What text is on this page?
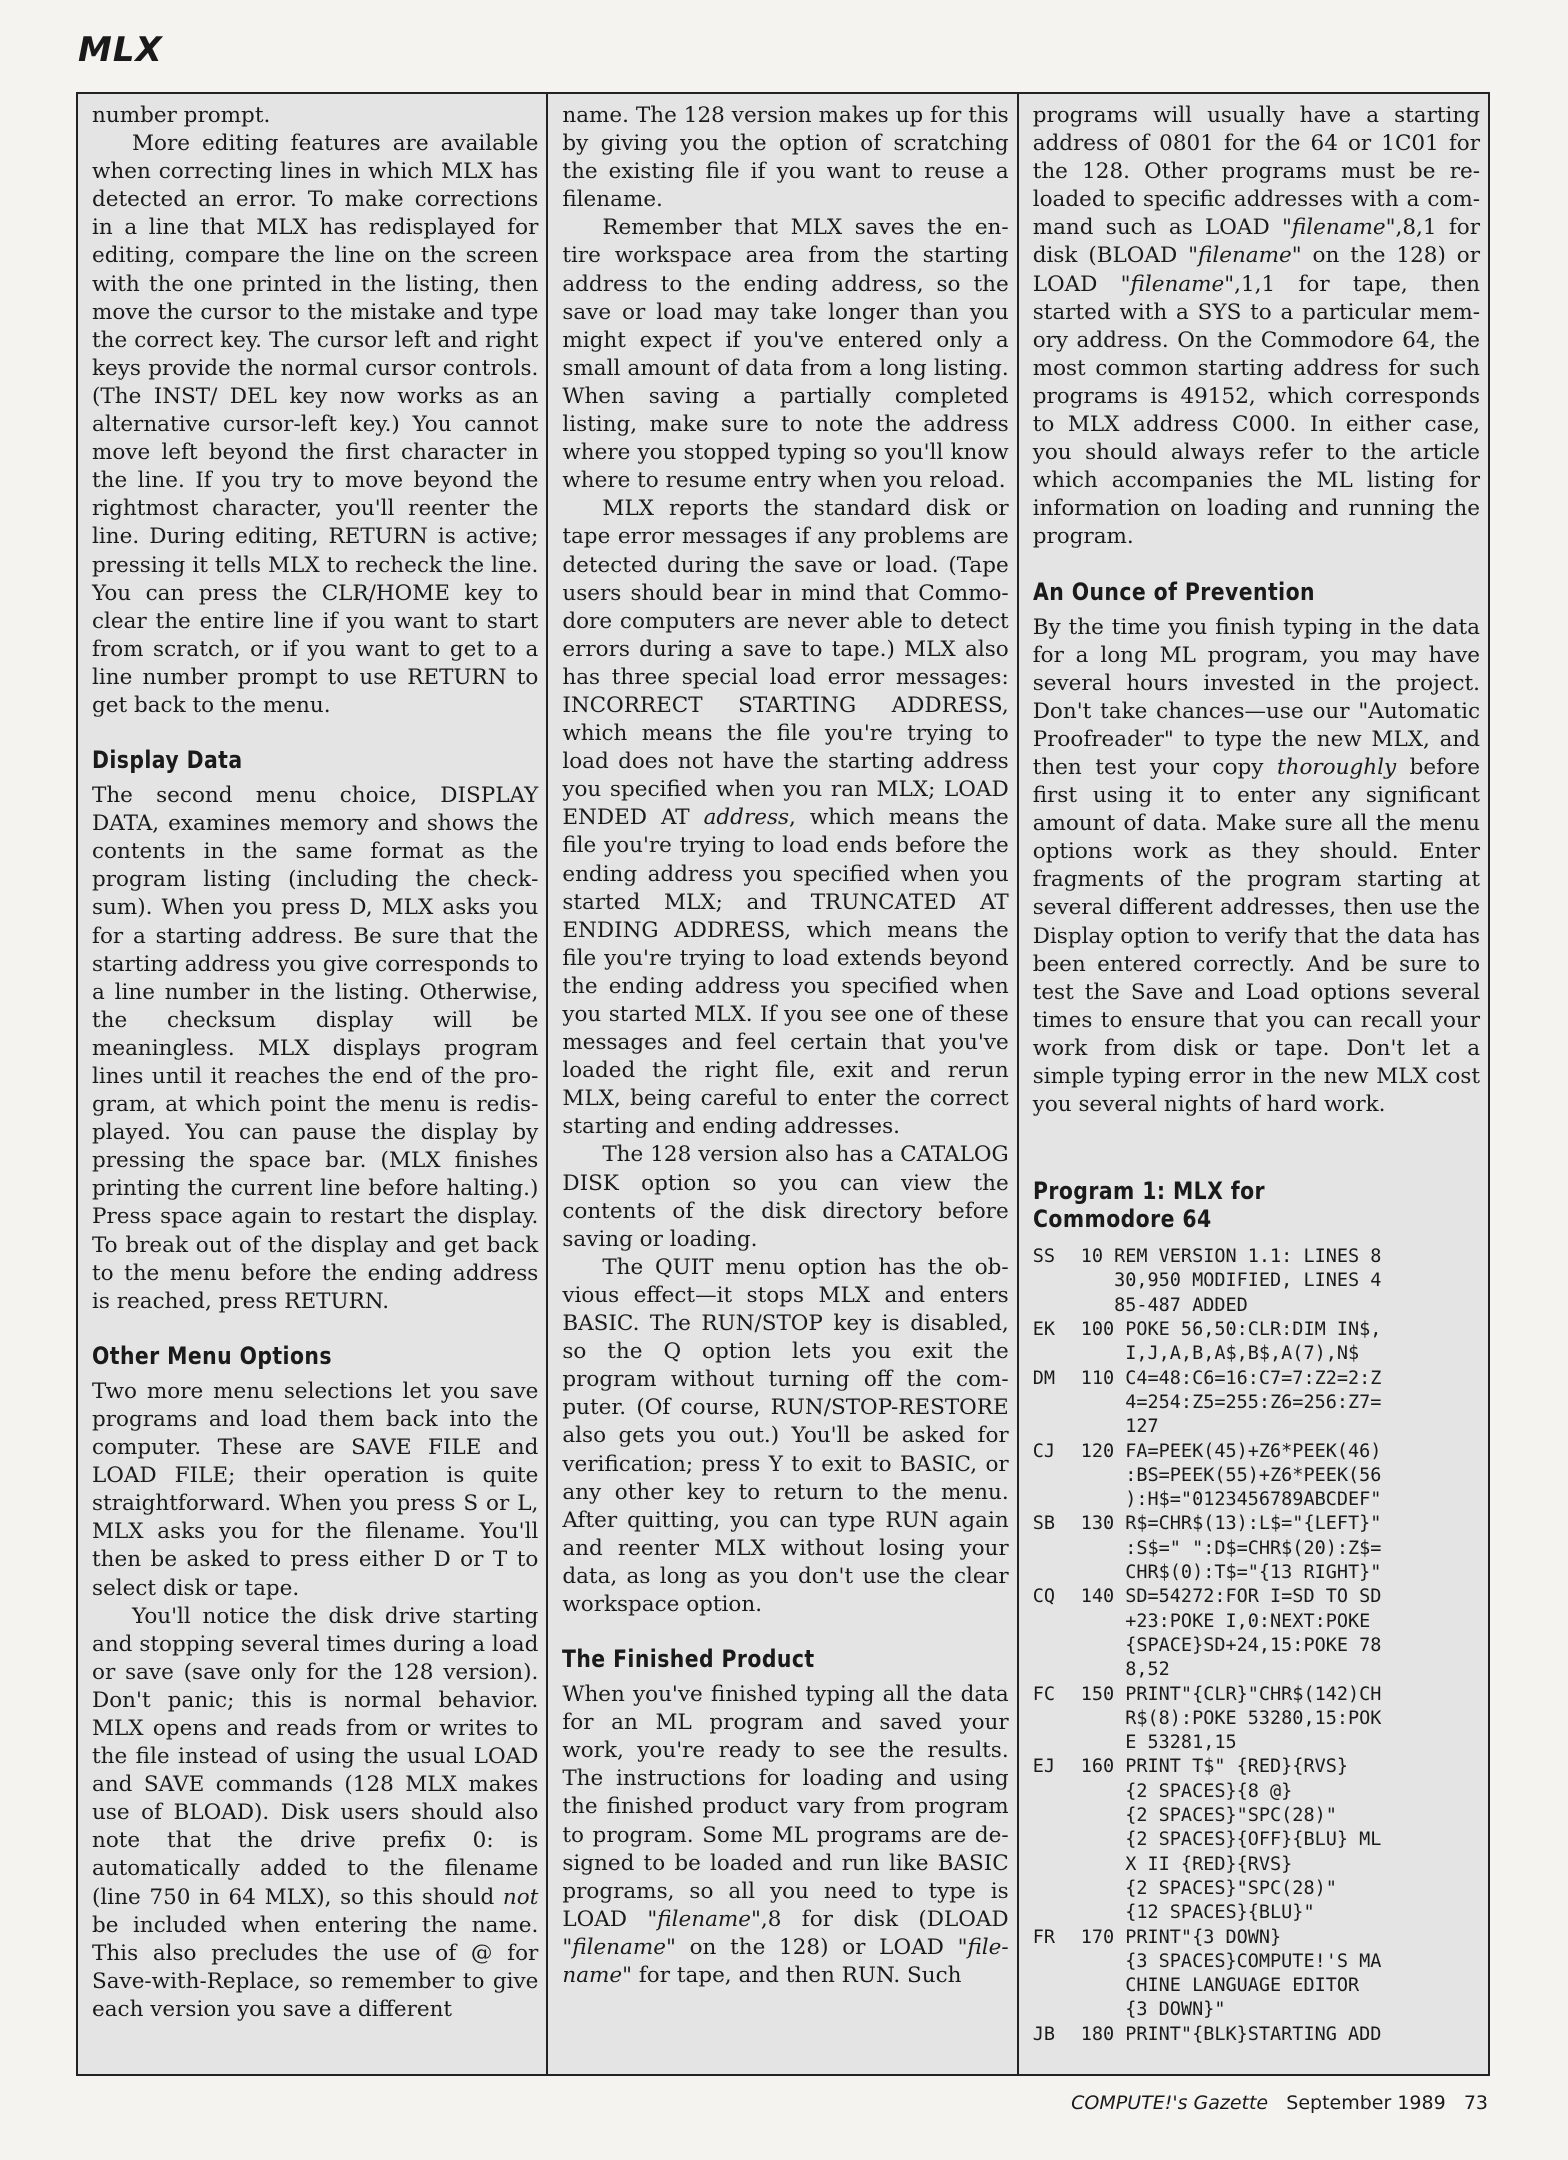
MLX

number prompt.

More editing features are available when correcting lines in which MLX has detected an error. To make corrections in a line that MLX has redisplayed for editing, compare the line on the screen with the one printed in the listing, then move the cursor to the mistake and type the correct key. The cursor left and right keys provide the normal cursor controls. (The INST/ DEL key now works as an alternative cursor-left key.) You cannot move left beyond the first character in the line. If you try to move beyond the rightmost character, you'll reenter the line. During editing, RETURN is active; pressing it tells MLX to recheck the line. You can press the CLR/HOME key to clear the entire line if you want to start from scratch, or if you want to get to a line number prompt to use RETURN to get back to the menu.

Display Data

The second menu choice, DISPLAY DATA, examines memory and shows the contents in the same format as the program listing (including the checksum). When you press D, MLX asks you for a starting address. Be sure that the starting address you give corresponds to a line number in the listing. Otherwise, the checksum display will be meaningless. MLX displays program lines until it reaches the end of the program, at which point the menu is redisplayed. You can pause the display by pressing the space bar. (MLX finishes printing the current line before halting.) Press space again to restart the display. To break out of the display and get back to the menu before the ending address is reached, press RETURN.

Other Menu Options

Two more menu selections let you save programs and load them back into the computer. These are SAVE FILE and LOAD FILE; their operation is quite straightforward. When you press S or L, MLX asks you for the filename. You'll then be asked to press either D or T to select disk or tape.

You'll notice the disk drive starting and stopping several times during a load or save (save only for the 128 version). Don't panic; this is normal behavior. MLX opens and reads from or writes to the file instead of using the usual LOAD and SAVE commands (128 MLX makes use of BLOAD). Disk users should also note that the drive prefix 0: is automatically added to the filename (line 750 in 64 MLX), so this should not be included when entering the name. This also precludes the use of @ for Save-with-Replace, so remember to give each version you save a different

name. The 128 version makes up for this by giving you the option of scratching the existing file if you want to reuse a filename.

Remember that MLX saves the entire workspace area from the starting address to the ending address, so the save or load may take longer than you might expect if you've entered only a small amount of data from a long listing. When saving a partially completed listing, make sure to note the address where you stopped typing so you'll know where to resume entry when you reload.

MLX reports the standard disk or tape error messages if any problems are detected during the save or load. (Tape users should bear in mind that Commodore computers are never able to detect errors during a save to tape.) MLX also has three special load error messages: INCORRECT STARTING ADDRESS, which means the file you're trying to load does not have the starting address you specified when you ran MLX; LOAD ENDED AT address, which means the file you're trying to load ends before the ending address you specified when you started MLX; and TRUNCATED AT ENDING ADDRESS, which means the file you're trying to load extends beyond the ending address you specified when you started MLX. If you see one of these messages and feel certain that you've loaded the right file, exit and rerun MLX, being careful to enter the correct starting and ending addresses.

The 128 version also has a CATALOG DISK option so you can view the contents of the disk directory before saving or loading.

The QUIT menu option has the obvious effect—it stops MLX and enters BASIC. The RUN/STOP key is disabled, so the Q option lets you exit the program without turning off the computer. (Of course, RUN/STOP-RESTORE also gets you out.) You'll be asked for verification; press Y to exit to BASIC, or any other key to return to the menu. After quitting, you can type RUN again and reenter MLX without losing your data, as long as you don't use the clear workspace option.

The Finished Product

When you've finished typing all the data for an ML program and saved your work, you're ready to see the results. The instructions for loading and using the finished product vary from program to program. Some ML programs are designed to be loaded and run like BASIC programs, so all you need to type is LOAD "filename",8 for disk (DLOAD "filename" on the 128) or LOAD "filename" for tape, and then RUN. Such

programs will usually have a starting address of 0801 for the 64 or 1C01 for the 128. Other programs must be reloaded to specific addresses with a command such as LOAD "filename",8,1 for disk (BLOAD "filename" on the 128) or LOAD "filename",1,1 for tape, then started with a SYS to a particular memory address. On the Commodore 64, the most common starting address for such programs is 49152, which corresponds to MLX address C000. In either case, you should always refer to the article which accompanies the ML listing for information on loading and running the program.

An Ounce of Prevention

By the time you finish typing in the data for a long ML program, you may have several hours invested in the project. Don't take chances—use our "Automatic Proofreader" to type the new MLX, and then test your copy thoroughly before first using it to enter any significant amount of data. Make sure all the menu options work as they should. Enter fragments of the program starting at several different addresses, then use the Display option to verify that the data has been entered correctly. And be sure to test the Save and Load options several times to ensure that you can recall your work from disk or tape. Don't let a simple typing error in the new MLX cost you several nights of hard work.

Program 1: MLX for Commodore 64
SS	10 REM VERSION 1.1: LINES 8
30,950 MODIFIED, LINES 4
85-487 ADDED
EK	100 POKE 56,50:CLR:DIM IN$,
I,J,A,B,A$,B$,A(7),N$
DM	110 C4=48:C6=16:C7=7:Z2=2:Z
4=254:Z5=255:Z6=256:Z7=
127
CJ	120 FA=PEEK(45)+Z6*PEEK(46)
:BS=PEEK(55)+Z6*PEEK(56
):H$="0123456789ABCDEF"
SB	130 R$=CHR$(13):L$="{LEFT}"
:S$=" ":D$=CHR$(20):Z$=
CHR$(0):T$="{13 RIGHT}"
CQ	140 SD=54272:FOR I=SD TO SD
+23:POKE I,0:NEXT:POKE
{SPACE}SD+24,15:POKE 78
8,52
FC	150 PRINT"{CLR}"CHR$(142)CH
R$(8):POKE 53280,15:POK
E 53281,15
EJ	160 PRINT T$" {RED}{RVS}
{2 SPACES}{8 @}
{2 SPACES}"SPC(28)"
{2 SPACES}{OFF}{BLU} ML
X II {RED}{RVS}
{2 SPACES}"SPC(28)"
{12 SPACES}{BLU}"
FR	170 PRINT"{3 DOWN}
{3 SPACES}COMPUTE!'S MA
CHINE LANGUAGE EDITOR
{3 DOWN}"
JB	180 PRINT"{BLK}STARTING ADD
COMPUTE!'s Gazette September 1989 73
